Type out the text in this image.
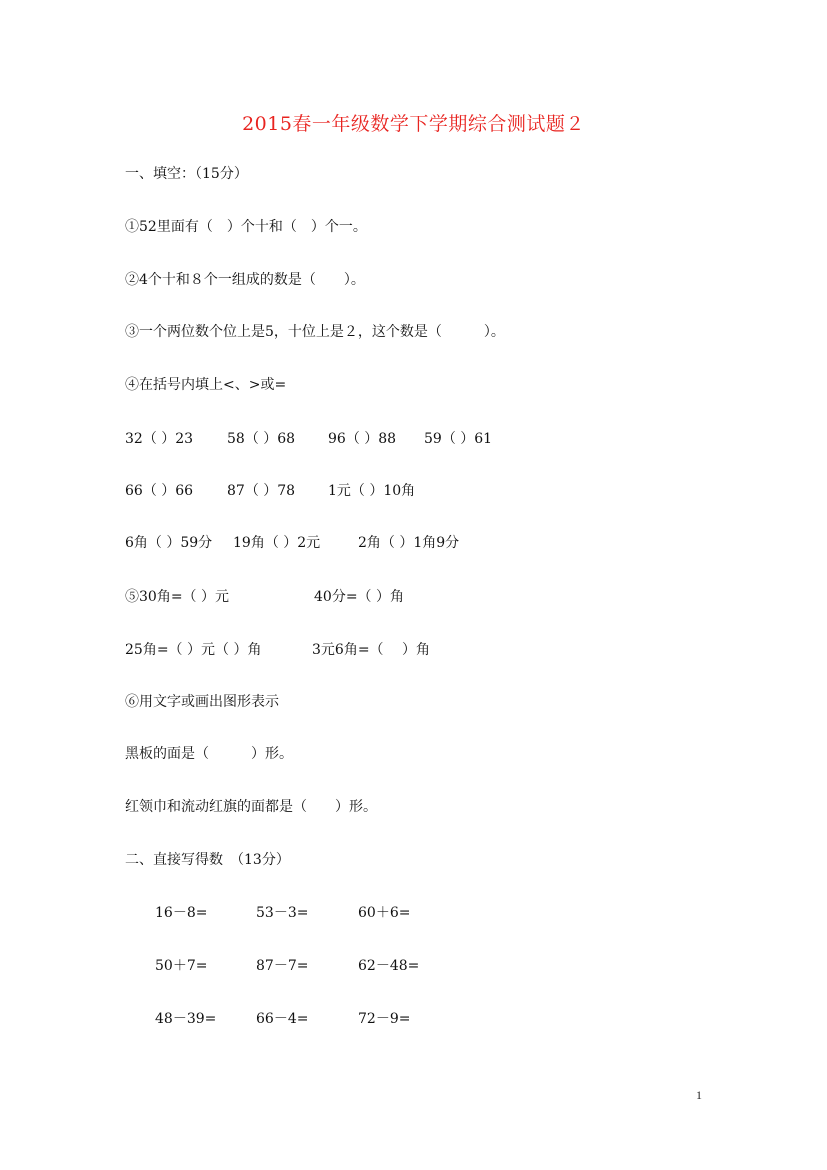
2015春一年级数学下学期综合测试题２
一、填空：（15分）
①52里面有（　）个十和（　）个一。
②4个十和８个一组成的数是（　　）。
③一个两位数个位上是5，十位上是２，这个数是（　　　）。
④在括号内填上<、>或=
32（ ）23 58（ ）68 96（ ）88 59（ ）61
66（ ）66 87（ ）78 1元（ ）10角
6角（ ）59分 19角（ ）2元	2角（ ）1角9分
⑤30角=（ ）元	40分=（ ）角
25角=（ ）元（ ）角	3元6角=（　 ）角
⑥用文字或画出图形表示
黑板的面是（　　　）形。
红领巾和流动红旗的面都是（　　）形。
二、直接写得数　（13分）
16－8=	53－3=	60＋6=
50＋7=	87－7=	62－48=
48－39=	66－4=	72－9=
1
